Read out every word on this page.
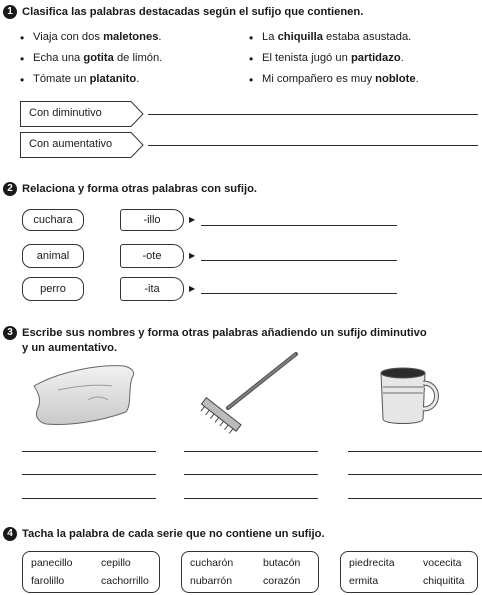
1 Clasifica las palabras destacadas según el sufijo que contienen.
• Viaja con dos maletones.
• Echa una gotita de limón.
• Tómate un platanito.
• La chiquilla estaba asustada.
• El tenista jugó un partidazo.
• Mi compañero es muy noblote.
Con diminutivo
Con aumentativo
2 Relaciona y forma otras palabras con sufijo.
cuchara	-illo	▶
animal	-ote	▶
perro	-ita	▶
3 Escribe sus nombres y forma otras palabras añadiendo un sufijo diminutivo
y un aumentativo.
4 Tacha la palabra de cada serie que no contiene un sufijo.
panecillo	cepillo
farolillo	cachorrillo
cucharón	butacón
nubarrón	corazón
piedrecita	vocecita
ermita	chiquitita
